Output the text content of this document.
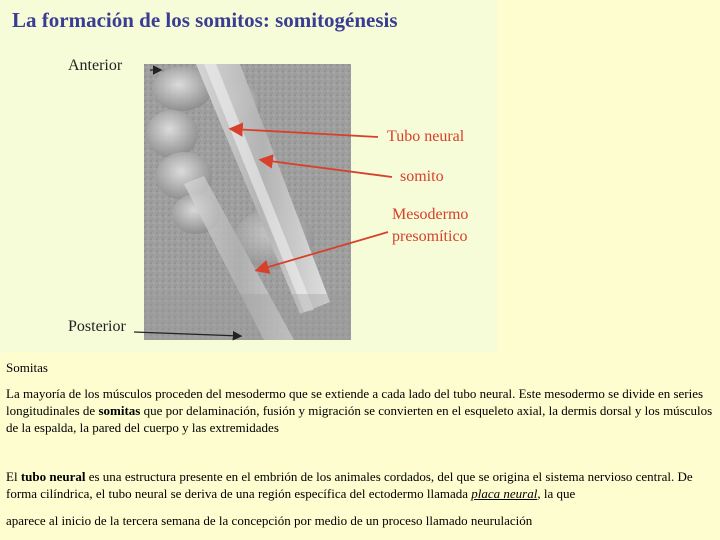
La formación de los somitos: somitogénesis
Anterior
Posterior
Tubo neural
somito
Mesodermo
presomítico
Somitas
La mayoría de los músculos proceden del mesodermo que se extiende a cada lado del tubo neural. Este mesodermo se divide en series longitudinales de somitas que por delaminación, fusión y migración se convierten en el esqueleto axial, la dermis dorsal y los músculos de la espalda, la pared del cuerpo y las extremidades
El tubo neural es una estructura presente en el embrión de los animales cordados, del que se origina el sistema nervioso central. De forma cilíndrica, el tubo neural se deriva de una región específica del ectodermo llamada placa neural, la que
aparece al inicio de la tercera semana de la concepción por medio de un proceso llamado neurulación
